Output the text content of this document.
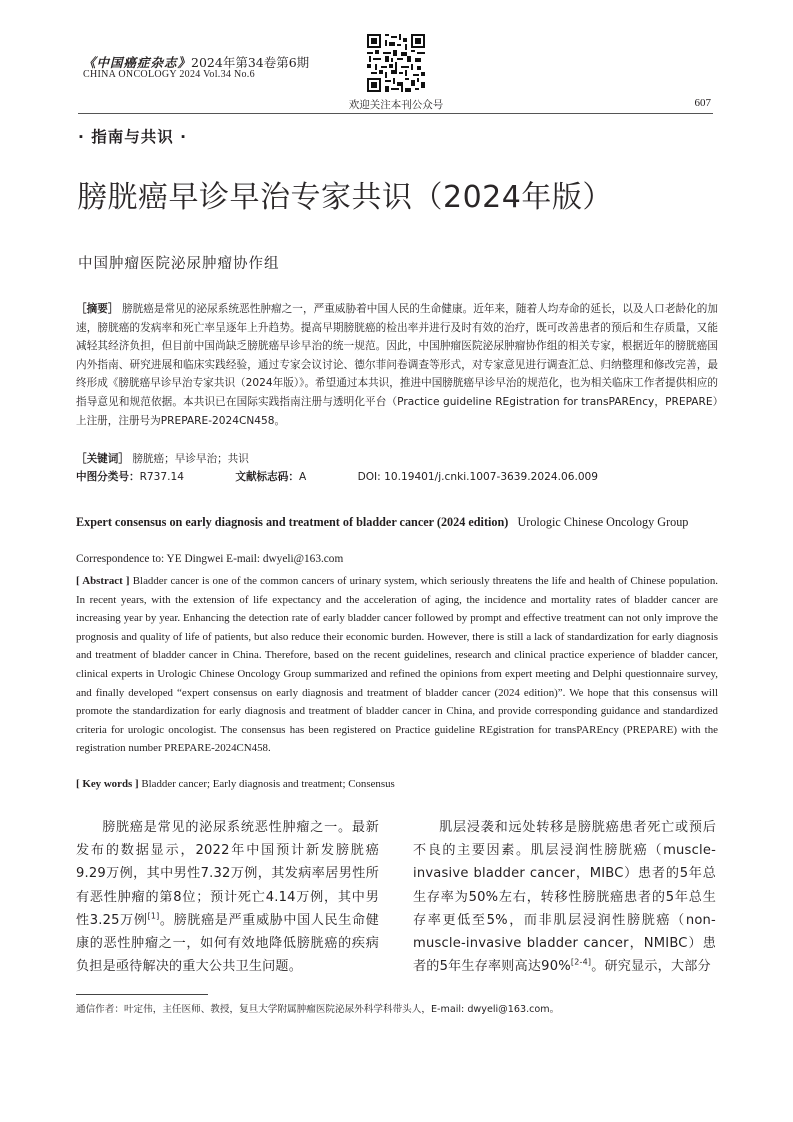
《中国癌症杂志》2024年第34卷第6期
CHINA ONCOLOGY 2024 Vol.34 No.6
欢迎关注本刊公众号	607
· 指南与共识 ·
膀胱癌早诊早治专家共识（2024年版）
中国肿瘤医院泌尿肿瘤协作组
［摘要］ 膀胱癌是常见的泌尿系统恶性肿瘤之一，严重威胁着中国人民的生命健康。近年来，随着人均寿命的延长，以及人口老龄化的加速，膀胱癌的发病率和死亡率呈逐年上升趋势。提高早期膀胱癌的检出率并进行及时有效的治疗，既可改善患者的预后和生存质量，又能减轻其经济负担，但目前中国尚缺乏膀胱癌早诊早治的统一规范。因此，中国肿瘤医院泌尿肿瘤协作组的相关专家，根据近年的膀胱癌国内外指南、研究进展和临床实践经验，通过专家会议讨论、德尔菲问卷调查等形式，对专家意见进行调查汇总、归纳整理和修改完善，最终形成《膀胱癌早诊早治专家共识（2024年版）》。希望通过本共识，推进中国膀胱癌早诊早治的规范化，也为相关临床工作者提供相应的指导意见和规范依据。本共识已在国际实践指南注册与透明化平台（Practice guideline REgistration for transPAREncy，PREPARE）上注册，注册号为PREPARE-2024CN458。
［关键词］ 膀胱癌；早诊早治；共识
中图分类号：R737.14	文献标志码：A	DOI: 10.19401/j.cnki.1007-3639.2024.06.009
Expert consensus on early diagnosis and treatment of bladder cancer (2024 edition) Urologic Chinese Oncology Group
Correspondence to: YE Dingwei E-mail: dwyeli@163.com
[ Abstract ] Bladder cancer is one of the common cancers of urinary system, which seriously threatens the life and health of Chinese population. In recent years, with the extension of life expectancy and the acceleration of aging, the incidence and mortality rates of bladder cancer are increasing year by year. Enhancing the detection rate of early bladder cancer followed by prompt and effective treatment can not only improve the prognosis and quality of life of patients, but also reduce their economic burden. However, there is still a lack of standardization for early diagnosis and treatment of bladder cancer in China. Therefore, based on the recent guidelines, research and clinical practice experience of bladder cancer, clinical experts in Urologic Chinese Oncology Group summarized and refined the opinions from expert meeting and Delphi questionnaire survey, and finally developed “expert consensus on early diagnosis and treatment of bladder cancer (2024 edition)”. We hope that this consensus will promote the standardization for early diagnosis and treatment of bladder cancer in China, and provide corresponding guidance and standardized criteria for urologic oncologist. The consensus has been registered on Practice guideline REgistration for transPAREncy (PREPARE) with the registration number PREPARE-2024CN458.
[ Key words ] Bladder cancer; Early diagnosis and treatment; Consensus
膀胱癌是常见的泌尿系统恶性肿瘤之一。最新发布的数据显示，2022年中国预计新发膀胱癌9.29万例，其中男性7.32万例，其发病率居男性所有恶性肿瘤的第8位；预计死亡4.14万例，其中男性3.25万例[1]。膀胱癌是严重威胁中国人民生命健康的恶性肿瘤之一，如何有效地降低膀胱癌的疾病负担是亟待解决的重大公共卫生问题。
肌层浸袭和远处转移是膀胱癌患者死亡或预后不良的主要因素。肌层浸润性膀胱癌（muscle-invasive bladder cancer，MIBC）患者的5年总生存率为50%左右，转移性膀胱癌患者的5年总生存率更低至5%，而非肌层浸润性膀胱癌（non-muscle-invasive bladder cancer，NMIBC）患者的5年生存率则高达90%[2-4]。研究显示，大部分
通信作者：叶定伟，主任医师、教授，复旦大学附属肿瘤医院泌尿外科学科带头人，E-mail: dwyeli@163.com。
